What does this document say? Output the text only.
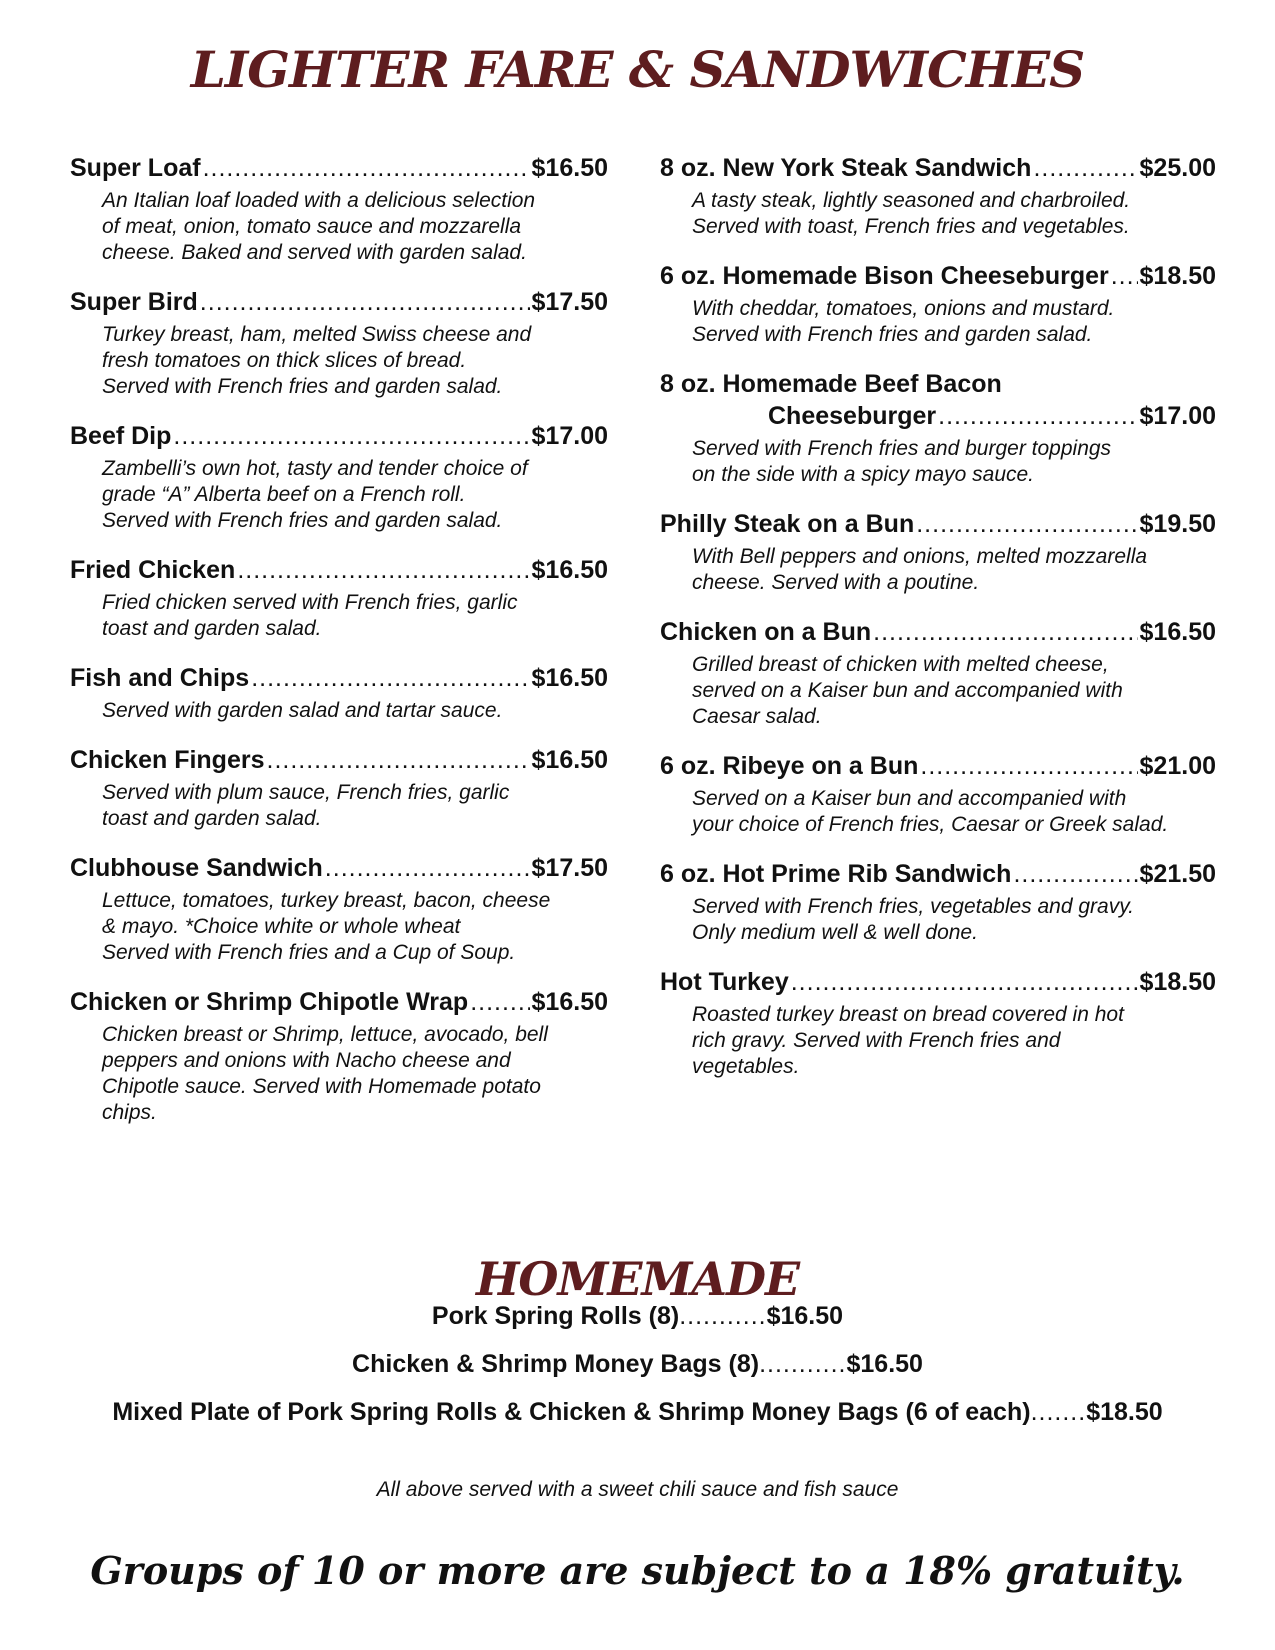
LIGHTER FARE & SANDWICHES
Super Loaf .....	$16.50
An Italian loaf loaded with a delicious selection
of meat, onion, tomato sauce and mozzarella
cheese. Baked and served with garden salad.
Super Bird .....	$17.50
Turkey breast, ham, melted Swiss cheese and
fresh tomatoes on thick slices of bread.
Served with French fries and garden salad.
Beef Dip .....	$17.00
Zambelli’s own hot, tasty and tender choice of
grade “A” Alberta beef on a French roll.
Served with French fries and garden salad.
Fried Chicken .....	$16.50
Fried chicken served with French fries, garlic
toast and garden salad.
Fish and Chips .....	$16.50
Served with garden salad and tartar sauce.
Chicken Fingers .....	$16.50
Served with plum sauce, French fries, garlic
toast and garden salad.
Clubhouse Sandwich .....	$17.50
Lettuce, tomatoes, turkey breast, bacon, cheese
& mayo. *Choice white or whole wheat
Served with French fries and a Cup of Soup.
Chicken or Shrimp Chipotle Wrap .....	$16.50
Chicken breast or Shrimp, lettuce, avocado, bell
peppers and onions with Nacho cheese and
Chipotle sauce. Served with Homemade potato
chips.
8 oz. New York Steak Sandwich .....	$25.00
A tasty steak, lightly seasoned and charbroiled.
Served with toast, French fries and vegetables.
6 oz. Homemade Bison Cheeseburger ..... $18.50
With cheddar, tomatoes, onions and mustard.
Served with French fries and garden salad.
8 oz. Homemade Beef Bacon
Cheeseburger .....	$17.00
Served with French fries and burger toppings
on the side with a spicy mayo sauce.
Philly Steak on a Bun .....	$19.50
With Bell peppers and onions, melted mozzarella
cheese. Served with a poutine.
Chicken on a Bun .....	$16.50
Grilled breast of chicken with melted cheese,
served on a Kaiser bun and accompanied with
Caesar salad.
6 oz. Ribeye on a Bun .....	$21.00
Served on a Kaiser bun and accompanied with
your choice of French fries, Caesar or Greek salad.
6 oz. Hot Prime Rib Sandwich .....	$21.50
Served with French fries, vegetables and gravy.
Only medium well & well done.
Hot Turkey .....	$18.50
Roasted turkey breast on bread covered in hot
rich gravy. Served with French fries and
vegetables.
HOMEMADE
Pork Spring Rolls (8)...........$16.50
Chicken & Shrimp Money Bags (8)...........$16.50
Mixed Plate of Pork Spring Rolls & Chicken & Shrimp Money Bags (6 of each).......$18.50
All above served with a sweet chili sauce and fish sauce
Groups of 10 or more are subject to a 18% gratuity.
